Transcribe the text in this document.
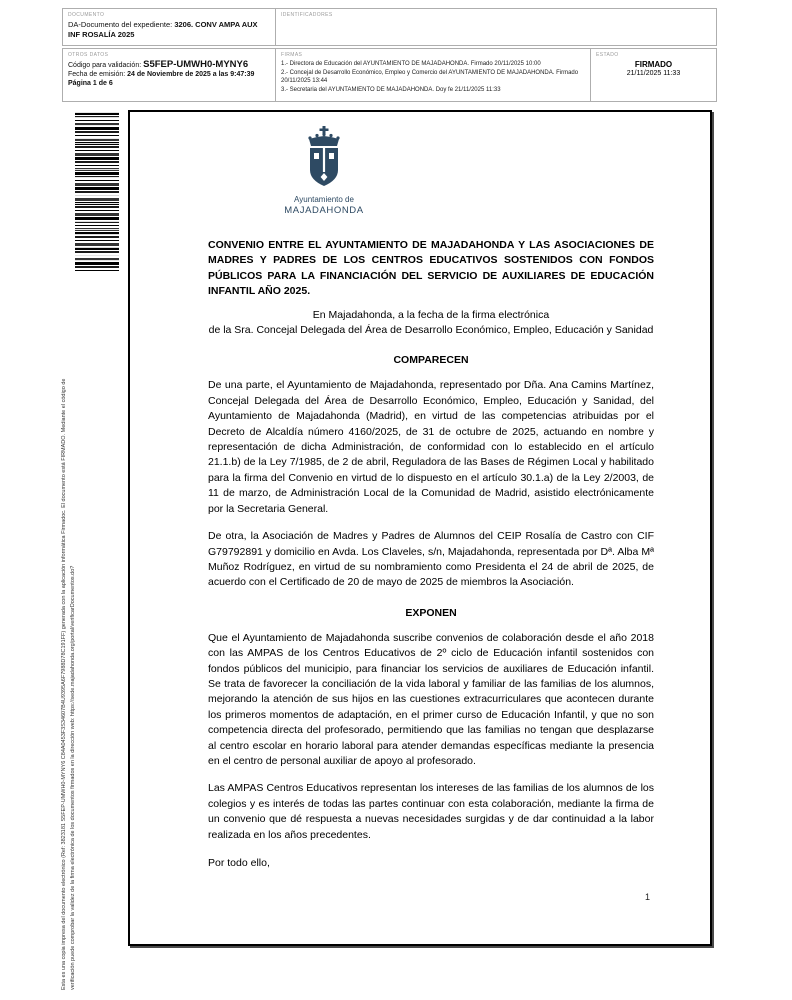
DOCUMENTO
DA-Documento del expediente: 3206. CONV AMPA AUX INF ROSALÍA 2025
IDENTIFICADORES
OTROS DATOS
Código para validación: S5FEP-UMWH0-MYNY6
Fecha de emisión: 24 de Noviembre de 2025 a las 9:47:39
Página 1 de 6
FIRMAS
1.- Directora de Educación del AYUNTAMIENTO DE MAJADAHONDA. Firmado 20/11/2025 10:00
2.- Concejal de Desarrollo Económico, Empleo y Comercio del AYUNTAMIENTO DE MAJADAHONDA. Firmado 20/11/2025 13:44
3.- Secretaria del AYUNTAMIENTO DE MAJADAHONDA. Doy fe 21/11/2025 11:33
ESTADO
FIRMADO
21/11/2025 11:33
Esta es una copia impresa del documento electrónico (Ref: 3823181 S5FEP-UMWH0-MYNY6 C84A0453F3S34607B4U9395A6F7988D78C191FF) generada con la aplicación informática Firmadoc. El documento está FIRMADO. Mediante el código de verificación puede comprobar la validez de la firma electrónica de los documentos firmados en la dirección web: https://sede.majadahonda.org/portal/verificarDocumentos.do?
Ayuntamiento de
MAJADAHONDA
CONVENIO ENTRE EL AYUNTAMIENTO DE MAJADAHONDA Y LAS ASOCIACIONES DE MADRES Y PADRES DE LOS CENTROS EDUCATIVOS SOSTENIDOS CON FONDOS PÚBLICOS PARA LA FINANCIACIÓN DEL SERVICIO DE AUXILIARES DE EDUCACIÓN INFANTIL AÑO 2025.
En Majadahonda, a la fecha de la firma electrónica
de la Sra. Concejal Delegada del Área de Desarrollo Económico, Empleo, Educación y Sanidad
COMPARECEN
De una parte, el Ayuntamiento de Majadahonda, representado por Dña. Ana Camins Martínez, Concejal Delegada del Área de Desarrollo Económico, Empleo, Educación y Sanidad, del Ayuntamiento de Majadahonda (Madrid), en virtud de las competencias atribuidas por el Decreto de Alcaldía número 4160/2025, de 31 de octubre de 2025, actuando en nombre y representación de dicha Administración, de conformidad con lo establecido en el artículo 21.1.b) de la Ley 7/1985, de 2 de abril, Reguladora de las Bases de Régimen Local y habilitado para la firma del Convenio en virtud de lo dispuesto en el artículo 30.1.a) de la Ley 2/2003, de 11 de marzo, de Administración Local de la Comunidad de Madrid, asistido electrónicamente por la Secretaria General.
De otra, la Asociación de Madres y Padres de Alumnos del CEIP Rosalía de Castro con CIF G79792891 y domicilio en Avda. Los Claveles, s/n, Majadahonda, representada por Dª. Alba Mª Muñoz Rodríguez, en virtud de su nombramiento como Presidenta el 24 de abril de 2025, de acuerdo con el Certificado de 20 de mayo de 2025 de miembros la Asociación.
EXPONEN
Que el Ayuntamiento de Majadahonda suscribe convenios de colaboración desde el año 2018 con las AMPAS de los Centros Educativos de 2º ciclo de Educación infantil sostenidos con fondos públicos del municipio, para financiar los servicios de auxiliares de Educación infantil. Se trata de favorecer la conciliación de la vida laboral y familiar de las familias de los alumnos, mejorando la atención de sus hijos en las cuestiones extracurriculares que acontecen durante los primeros momentos de adaptación, en el primer curso de Educación Infantil, y que no son competencia directa del profesorado, permitiendo que las familias no tengan que desplazarse al centro escolar en horario laboral para atender demandas específicas mediante la presencia en el centro de personal auxiliar de apoyo al profesorado.
Las AMPAS Centros Educativos representan los intereses de las familias de los alumnos de los colegios y es interés de todas las partes continuar con esta colaboración, mediante la firma de un convenio que dé respuesta a nuevas necesidades surgidas y de dar continuidad a la labor realizada en los años precedentes.
Por todo ello,
1
